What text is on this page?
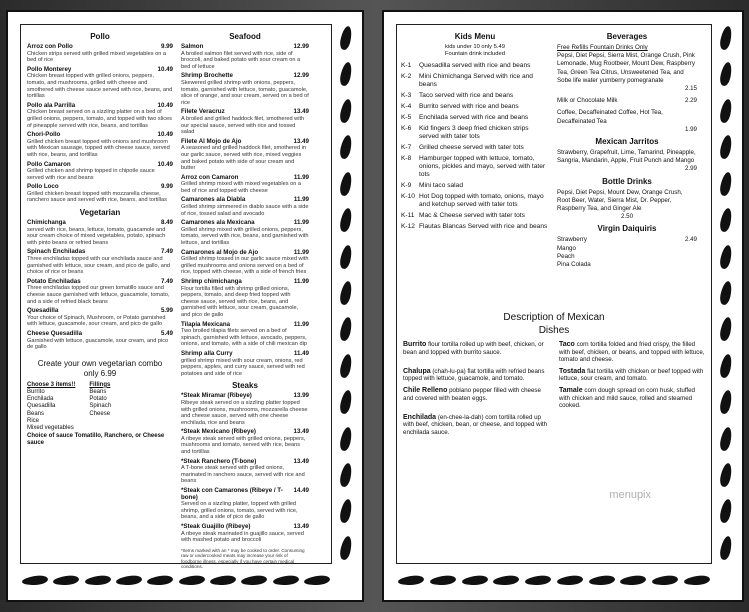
Pollo
Arroz con Pollo	9.99
Chicken strips served with grilled mixed vegetables on a bed of rice
Pollo Monterey	10.49
Chicken breast topped with grilled onions, peppers, tomato, and mushrooms, grilled with cheese and smothered with cheese sauce served with rice, beans, and tortillas
Pollo ala Parrilla	10.49
Chicken breast served on a sizzling platter on a bed of grilled onions, peppers, tomato, and topped with two slices of pineapple served with rice, beans, and tortillas
Chori-Pollo	10.49
Grilled chicken breast topped with onions and mushroom with Mexican sausage, topped with cheese sauce, served with rice, beans, and tortillas
Pollo Camaron	10.49
Grilled chicken and shrimp topped in chipotle sauce served with rice and beans
Pollo Loco	9.99
Grilled chicken breast topped with mozzarella cheese, ranchero sauce and served with rice, beans, and tortillas
Vegetarian
Chimichanga	8.49
served with rice, beans, lettuce, tomato, guacamole and sour cream choice of mixed vegetables, potato, spinach with pinto beans or refried beans
Spinach Enchiladas	7.49
Three enchiladas topped with our enchilada sauce and garnished with lettuce, sour cream, and pico de gallo, and choice of rice or beans
Potato Enchiladas	7.49
Three enchiladas topped our green tomatillo sauce and cheese sauce garnished with lettuce, guacamole, tomato, and a side of refried black beans
Quesadilla	5.99
Your choice of Spinach, Mushroom, or Potato garnished with lettuce, guacamole, sour cream, and pico de gallo
Cheese Quesadilla	5.49
Garnished with lettuce, guacamole, sour cream, and pico de gallo
Create your own vegetarian combo
only 6.99
Choose 3 items!!
Burrito
Enchilada
Quesadilla
Beans
Rice
Mixed vegetables
Fillings
Beans
Potato
Spinach
Cheese
Choice of sauce Tomatillo, Ranchero, or Cheese sauce
Seafood
Salmon	12.99
A broiled salmon filet served with rice, side of broccoli, and baked potato with sour cream on a bed of lettuce
Shrimp Brochette	12.99
Skewered grilled shrimp with onions, peppers, tomato, garnished with lettuce, tomato, guacamole, slice of orange, and sour cream, served on a bed of rice
Filete Veracruz	13.49
A broiled and grilled haddock filet, smothered with our special sauce, served with rice and tossed salad
Filete Al Mojo de Ajo	13.49
A seasoned and grilled haddock filet, smothered in our garlic sauce, served with rice, mixed veggies and baked potato with side of sour cream and butter
Arroz con Camaron	11.99
Grilled shrimp mixed with mixed vegetables on a bed of rice and topped with cheese
Camarones ala Diabla	11.99
Grilled shrimp simmered in diablo sauce with a side of rice, tossed salad and avocado
Camarones ala Mexicana	11.99
Grilled shrimp mixed with grilled onions, peppers, tomato, served with rice, beans, and garnished with lettuce, and tortillas
Camarones al Mojo de Ajo	11.99
Grilled shrimp tossed in our garlic sauce mixed with grilled mushrooms and onions served on a bed of rice, topped with cheese, with a side of french fries
Shrimp chimichanga	11.99
Flour tortilla filled with shrimp grilled onions, peppers, tomato, and deep fried topped with cheese sauce, served with rice, beans, and garnished with lettuce, sour cream, guacamole, and pico de gallo
Tilapia Mexicana	11.99
Two broiled tilapia filets served on a bed of spinach, garnished with lettuce, avocado, peppers, onions, and tomato, with a side of chili mexican dip
Shrimp alla Curry	11.49
grilled shrimp mixed with sour cream, onions, red peppers, apples, and curry sauce, served with red potatoes and side of rice
Steaks
*Steak Miramar (Ribeye)	13.99
Ribeye steak served on a sizzling platter topped with grilled onions, mushrooms, mozzarella cheese and cheese sauce, served with one cheese enchilada, rice and beans
*Steak Mexicano (Ribeye)	13.49
A ribeye steak served with grilled onions, peppers, mushrooms and tomato, served with rice, beans and tortillas
*Steak Ranchero (T-bone)	13.49
A T-bone steak served with grilled onions, marinated in ranchero sauce, served with rice and beans
*Steak con Camarones (Ribeye / T-bone)
14.49
Served on a sizzling platter, topped with grilled shrimp, grilled onions, tomato, served with rice, beans, and a side of pico de gallo
*Steak Guajillo (Ribeye)	13.49
A ribeye steak marinated in guajillo sauce, served with mashed potato and broccoli
*Items marked with an * may be cooked to order. Consuming raw or undercooked meats may increase your risk of foodborne illness, especially if you have certain medical conditions.
Kids Menu
kids under 10 only 5.49
Fountain drink included
K-1	Quesadilla served with rice and beans
K-2	Mini Chimichanga Served with rice and beans
K-3	Taco served with rice and beans
K-4	Burrito served with rice and beans
K-5	Enchilada served with rice and beans
K-6	Kid fingers 3 deep fried chicken strips served with tater tots
K-7	Grilled cheese served with tater tots
K-8	Hamburger topped with lettuce, tomato, onions, pickles and mayo, served with tater tots
K-9	Mini taco salad
K-10 Hot Dog topped with tomato, onions, mayo and ketchup served with tater tots
K-11 Mac & Cheese served with tater tots
K-12 Flautas Blancas Served with rice and beans
Beverages
Free Refills Fountain Drinks Only
Pepsi, Diet Pepsi, Sierra Mist, Orange Crush, Pink Lemonade, Mug Rootbeer, Mount Dew, Raspberry Tea, Green Tea Citrus, Unsweetened Tea, and Sobe life water yumberry pomegranate
2.15
Milk or Chocolate Milk	2.29
Coffee, Decaffeinated Coffee, Hot Tea, Decaffeinated Tea
1.99
Mexican Jarritos
Strawberry, Grapefruit, Lime, Tamarind, Pineapple, Sangria, Mandarin, Apple, Fruit Punch and Mango
2.99
Bottle Drinks
Pepsi, Diet Pepsi, Mount Dew, Orange Crush, Root Beer, Water, Sierra Mist, Dr. Pepper, Raspberry Tea, and Ginger Ale
2.50
Virgin Daiquiris
Strawberry
Mango
Peach
Pina Colada
2.49
Description of Mexican
Dishes
Burrito flour tortilla rolled up with beef, chicken, or bean and topped with burrito sauce.
Taco corn tortilla folded and fried crispy, the filled with beef, chicken, or beans, and topped with lettuce, tomato and cheese.
Chalupa (chah-lu-pa) flat tortilla with refried beans topped with lettuce, guacamole, and tomato.
Tostada flat tortilla with chicken or beef topped with lettuce, sour cream, and tomato.
Chile Relleno poblano pepper filled with cheese and covered with beaten eggs.
Tamale corn dough spread on corn husk, stuffed with chicken and mild sauce, rolled and steamed cooked.
Enchilada (en-chee-la-dah) corn tortilla rolled up with beef, chicken, bean, or cheese, and topped with enchilada sauce.
menupix
